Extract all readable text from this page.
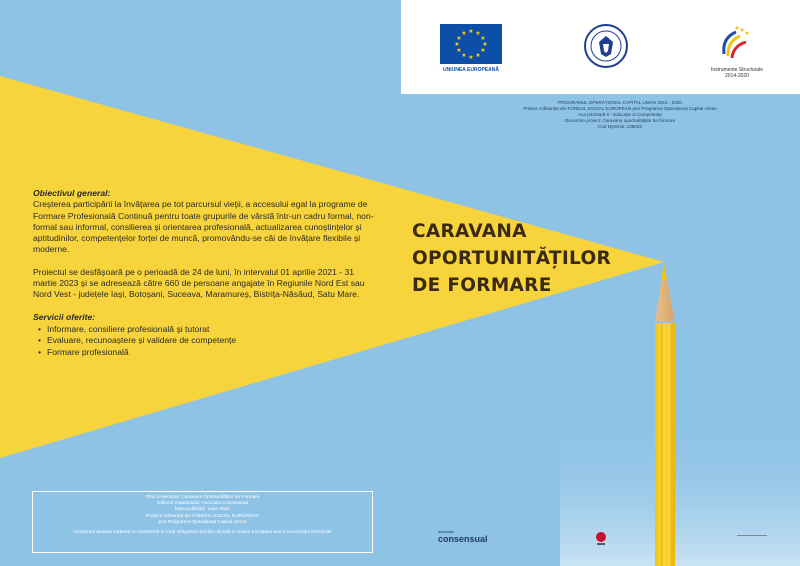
★ ★
★
★
★
★
★
★
★
★
★
★
UNIUNEA EUROPEANĂ	Instrumente Structurale
2014-2020
PROGRAMUL OPERAȚIONAL CAPITAL UMAN 2014 - 2020
Proiect cofinanțat din FONDUL SOCIAL EUROPEAN prin Programul Operațional Capital Uman
Axa prioritară 6 - Educație și Competențe
Denumire proiect: Caravana oportunităților de formare
Cod MySmis: 135022
Obiectivul general:

Creșterea participării la învățarea pe tot parcursul vieții, a accesului egal la programe de Formare Profesională Continuă pentru toate grupurile de vârstă într-un cadru formal, non-formal sau informal, consilierea și orientarea profesională, actualizarea cunoștințelor și aptitudinilor, competențelor forței de muncă, promovându-se căi de învățare flexibile și moderne.

Proiectul se desfășoară pe o perioadă de 24 de luni, în intervalul 01 aprilie 2021 - 31 martie 2023 și se adresează către 660 de persoane angajate în Regiunile Nord Est sau Nord Vest - județele Iași, Botoșani, Suceava, Maramureș, Bistrița-Năsăud, Satu Mare.

Servicii oferite:
• Informare, consiliere profesională și tutorat
• Evaluare, recunoaștere și validare de competențe
• Formare profesională
CARAVANA
OPORTUNITĂȚILOR
DE FORMARE
Titlul proiectului: Caravana Oportunităților de Formare
Editorul materialului: Asociatia Consensual
Data publicării: iunie 2021
Proiect cofinanțat din FONDUL SOCIAL EUROPEAN
prin Programul Operațional Capital Uman
Conținutul acestui material nu reprezintă în mod obligatoriu poziția oficială a Uniunii Europene sau a Guvernului României	asociația
consensual
